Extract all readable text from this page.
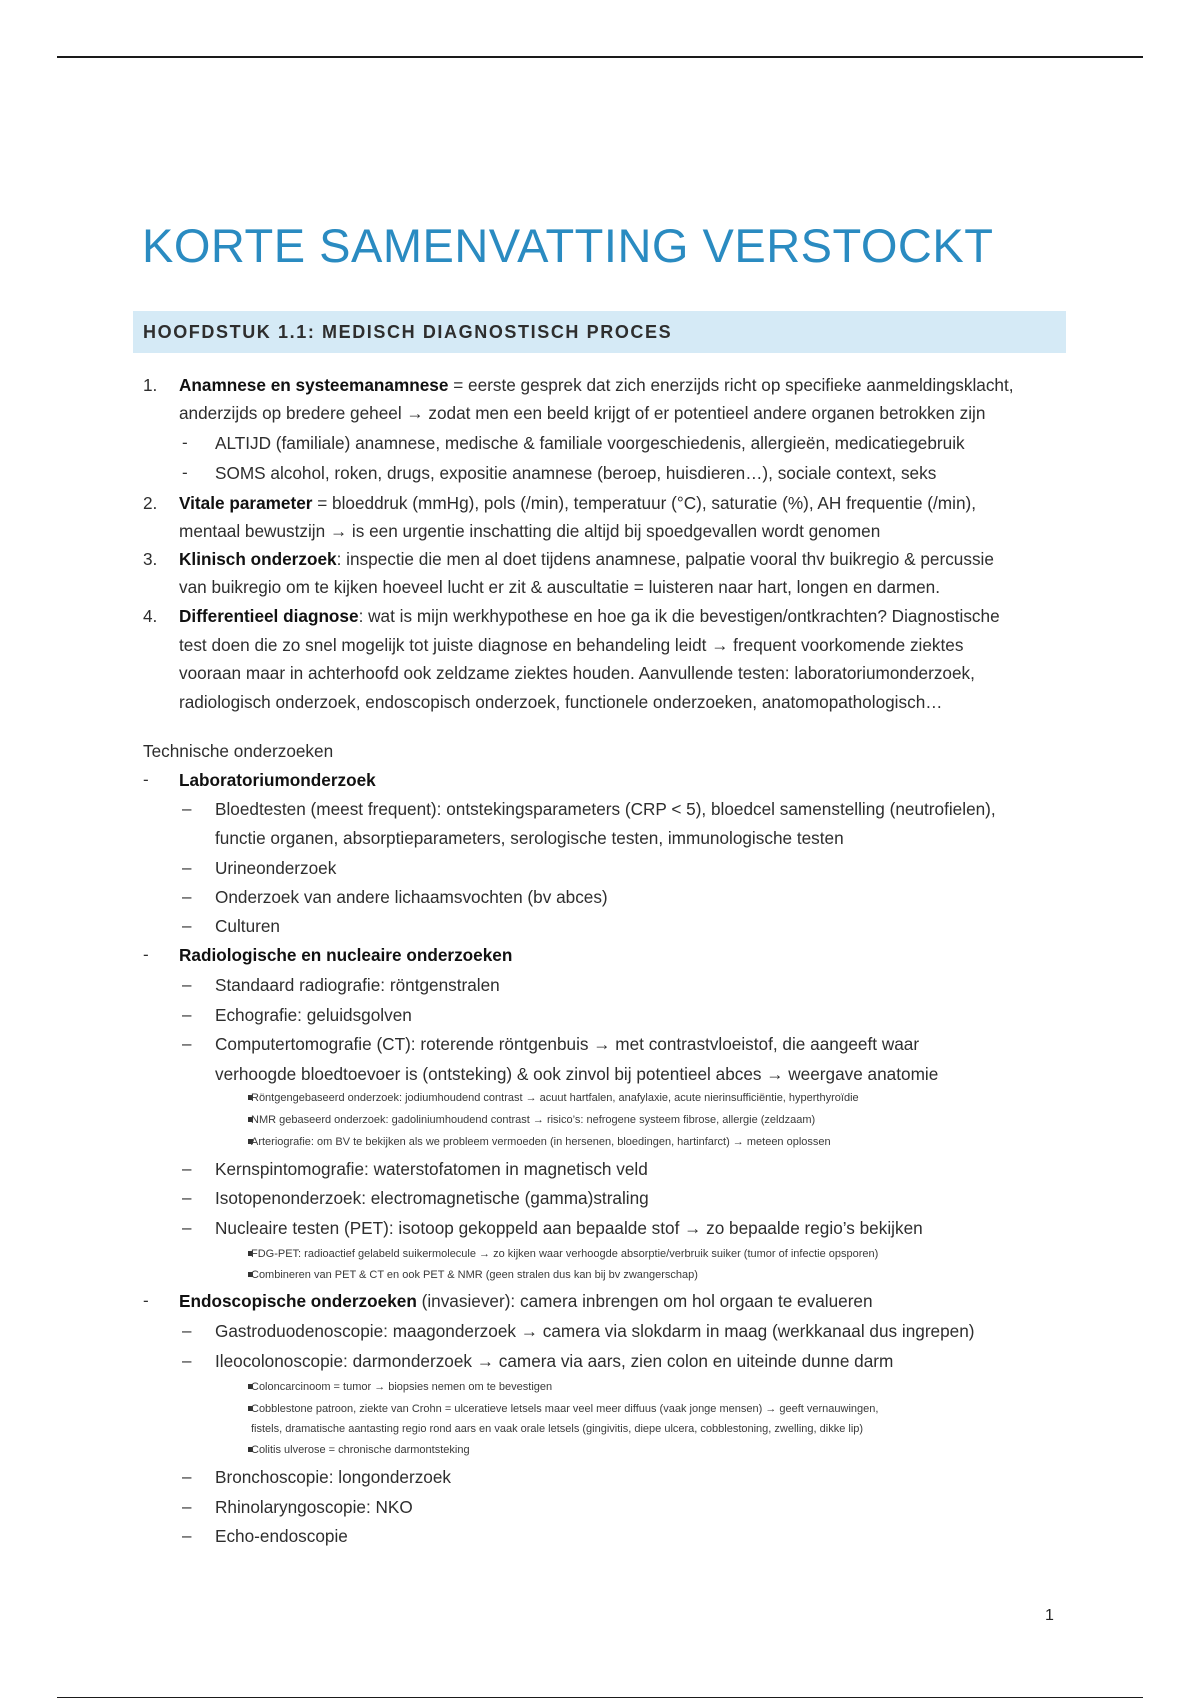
KORTE SAMENVATTING VERSTOCKT
HOOFDSTUK 1.1: MEDISCH DIAGNOSTISCH PROCES
1. Anamnese en systeemanamnese = eerste gesprek dat zich enerzijds richt op specifieke aanmeldingsklacht,
anderzijds op bredere geheel → zodat men een beeld krijgt of er potentieel andere organen betrokken zijn
- ALTIJD (familiale) anamnese, medische & familiale voorgeschiedenis, allergieën, medicatiegebruik
- SOMS alcohol, roken, drugs, expositie anamnese (beroep, huisdieren…), sociale context, seks
2. Vitale parameter = bloeddruk (mmHg), pols (/min), temperatuur (°C), saturatie (%), AH frequentie (/min),
mentaal bewustzijn → is een urgentie inschatting die altijd bij spoedgevallen wordt genomen
3. Klinisch onderzoek: inspectie die men al doet tijdens anamnese, palpatie vooral thv buikregio & percussie
van buikregio om te kijken hoeveel lucht er zit & auscultatie = luisteren naar hart, longen en darmen.
4. Differentieel diagnose: wat is mijn werkhypothese en hoe ga ik die bevestigen/ontkrachten? Diagnostische
test doen die zo snel mogelijk tot juiste diagnose en behandeling leidt → frequent voorkomende ziektes
vooraan maar in achterhoofd ook zeldzame ziektes houden. Aanvullende testen: laboratoriumonderzoek,
radiologisch onderzoek, endoscopisch onderzoek, functionele onderzoeken, anatomopathologisch…
Technische onderzoeken
- Laboratoriumonderzoek
– Bloedtesten (meest frequent): ontstekingsparameters (CRP < 5), bloedcel samenstelling (neutrofielen),
functie organen, absorptieparameters, serologische testen, immunologische testen
– Urineonderzoek
– Onderzoek van andere lichaamsvochten (bv abces)
– Culturen
- Radiologische en nucleaire onderzoeken
– Standaard radiografie: röntgenstralen
– Echografie: geluidsgolven
– Computertomografie (CT): roterende röntgenbuis → met contrastvloeistof, die aangeeft waar
verhoogde bloedtoevoer is (ontsteking) & ook zinvol bij potentieel abces → weergave anatomie
Röntgengebaseerd onderzoek: jodiumhoudend contrast → acuut hartfalen, anafylaxie, acute nierinsufficiëntie, hyperthyroïdie
NMR gebaseerd onderzoek: gadoliniumhoudend contrast → risico’s: nefrogene systeem fibrose, allergie (zeldzaam)
Arteriografie: om BV te bekijken als we probleem vermoeden (in hersenen, bloedingen, hartinfarct) → meteen oplossen
– Kernspintomografie: waterstofatomen in magnetisch veld
– Isotopenonderzoek: electromagnetische (gamma)straling
– Nucleaire testen (PET): isotoop gekoppeld aan bepaalde stof → zo bepaalde regio’s bekijken
FDG-PET: radioactief gelabeld suikermolecule → zo kijken waar verhoogde absorptie/verbruik suiker (tumor of infectie opsporen)
Combineren van PET & CT en ook PET & NMR (geen stralen dus kan bij bv zwangerschap)
- Endoscopische onderzoeken (invasiever): camera inbrengen om hol orgaan te evalueren
– Gastroduodenoscopie: maagonderzoek → camera via slokdarm in maag (werkkanaal dus ingrepen)
– Ileocolonoscopie: darmonderzoek → camera via aars, zien colon en uiteinde dunne darm
Coloncarcinoom = tumor → biopsies nemen om te bevestigen
Cobblestone patroon, ziekte van Crohn = ulceratieve letsels maar veel meer diffuus (vaak jonge mensen) → geeft vernauwingen,
fistels, dramatische aantasting regio rond aars en vaak orale letsels (gingivitis, diepe ulcera, cobblestoning, zwelling, dikke lip)
Colitis ulverose = chronische darmontsteking
– Bronchoscopie: longonderzoek
– Rhinolaryngoscopie: NKO
– Echo-endoscopie
1
